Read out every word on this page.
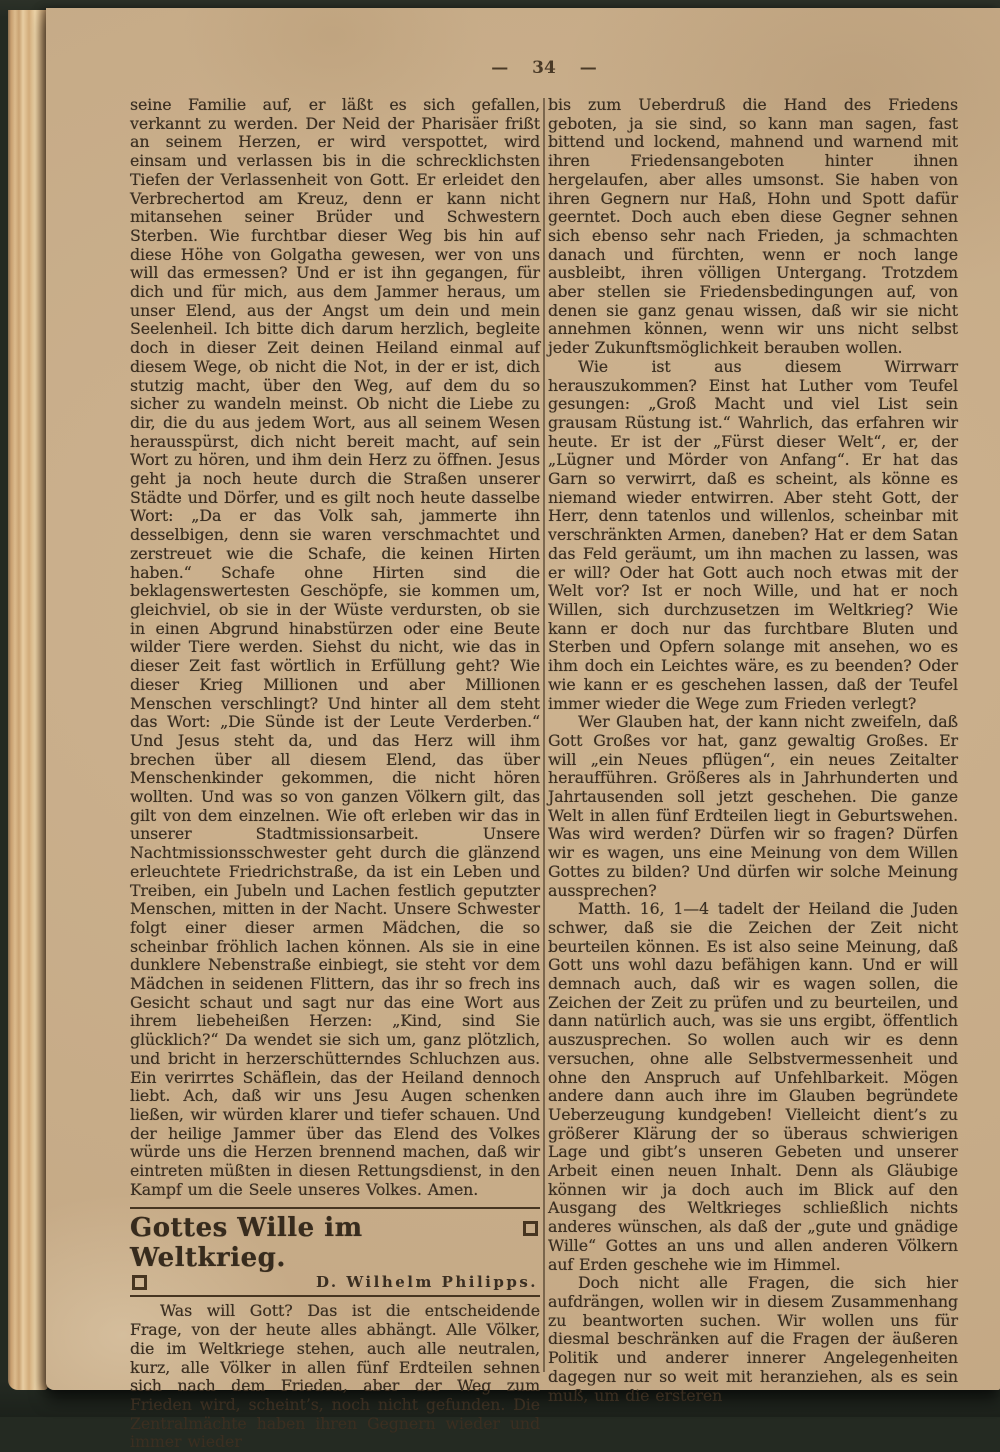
— 34 —

seine Familie auf, er läßt es sich gefallen, verkannt zu werden. Der Neid der Pharisäer frißt an seinem Herzen, er wird verspottet, wird einsam und verlassen bis in die schrecklichsten Tiefen der Verlassenheit von Gott. Er erleidet den Verbrechertod am Kreuz, denn er kann nicht mitansehen seiner Brüder und Schwestern Sterben. Wie furchtbar dieser Weg bis hin auf diese Höhe von Golgatha gewesen, wer von uns will das ermessen? Und er ist ihn gegangen, für dich und für mich, aus dem Jammer heraus, um unser Elend, aus der Angst um dein und mein Seelenheil. Ich bitte dich darum herzlich, begleite doch in dieser Zeit deinen Heiland einmal auf diesem Wege, ob nicht die Not, in der er ist, dich stutzig macht, über den Weg, auf dem du so sicher zu wandeln meinst. Ob nicht die Liebe zu dir, die du aus jedem Wort, aus all seinem Wesen herausspürst, dich nicht bereit macht, auf sein Wort zu hören, und ihm dein Herz zu öffnen. Jesus geht ja noch heute durch die Straßen unserer Städte und Dörfer, und es gilt noch heute dasselbe Wort: „Da er das Volk sah, jammerte ihn desselbigen, denn sie waren verschmachtet und zerstreuet wie die Schafe, die keinen Hirten haben.“ Schafe ohne Hirten sind die beklagenswertesten Geschöpfe, sie kommen um, gleichviel, ob sie in der Wüste verdursten, ob sie in einen Abgrund hinabstürzen oder eine Beute wilder Tiere werden. Siehst du nicht, wie das in dieser Zeit fast wörtlich in Erfüllung geht? Wie dieser Krieg Millionen und aber Millionen Menschen verschlingt? Und hinter all dem steht das Wort: „Die Sünde ist der Leute Verderben.“ Und Jesus steht da, und das Herz will ihm brechen über all diesem Elend, das über Menschenkinder gekommen, die nicht hören wollten. Und was so von ganzen Völkern gilt, das gilt von dem einzelnen. Wie oft erleben wir das in unserer Stadtmissionsarbeit. Unsere Nachtmissionsschwester geht durch die glänzend erleuchtete Friedrichstraße, da ist ein Leben und Treiben, ein Jubeln und Lachen festlich geputzter Menschen, mitten in der Nacht. Unsere Schwester folgt einer dieser armen Mädchen, die so scheinbar fröhlich lachen können. Als sie in eine dunklere Nebenstraße einbiegt, sie steht vor dem Mädchen in seidenen Flittern, das ihr so frech ins Gesicht schaut und sagt nur das eine Wort aus ihrem liebeheißen Herzen: „Kind, sind Sie glücklich?“ Da wendet sie sich um, ganz plötzlich, und bricht in herzerschütterndes Schluchzen aus. Ein verirrtes Schäflein, das der Heiland dennoch liebt. Ach, daß wir uns Jesu Augen schenken ließen, wir würden klarer und tiefer schauen. Und der heilige Jammer über das Elend des Volkes würde uns die Herzen brennend machen, daß wir eintreten müßten in diesen Rettungsdienst, in den Kampf um die Seele unseres Volkes. Amen.

Gottes Wille im Weltkrieg.
D. Wilhelm Philipps.

Was will Gott? Das ist die entscheidende Frage, von der heute alles abhängt. Alle Völker, die im Weltkriege stehen, auch alle neutralen, kurz, alle Völker in allen fünf Erdteilen sehnen sich nach dem Frieden, aber der Weg zum Frieden wird, scheint’s, noch nicht gefunden. Die Zentralmächte haben ihren Gegnern wieder und immer wieder

bis zum Ueberdruß die Hand des Friedens geboten, ja sie sind, so kann man sagen, fast bittend und lockend, mahnend und warnend mit ihren Friedensangeboten hinter ihnen hergelaufen, aber alles umsonst. Sie haben von ihren Gegnern nur Haß, Hohn und Spott dafür geerntet. Doch auch eben diese Gegner sehnen sich ebenso sehr nach Frieden, ja schmachten danach und fürchten, wenn er noch lange ausbleibt, ihren völligen Untergang. Trotzdem aber stellen sie Friedensbedingungen auf, von denen sie ganz genau wissen, daß wir sie nicht annehmen können, wenn wir uns nicht selbst jeder Zukunftsmöglichkeit berauben wollen.

Wie ist aus diesem Wirrwarr herauszukommen? Einst hat Luther vom Teufel gesungen: „Groß Macht und viel List sein grausam Rüstung ist.“ Wahrlich, das erfahren wir heute. Er ist der „Fürst dieser Welt“, er, der „Lügner und Mörder von Anfang“. Er hat das Garn so verwirrt, daß es scheint, als könne es niemand wieder entwirren. Aber steht Gott, der Herr, denn tatenlos und willenlos, scheinbar mit verschränkten Armen, daneben? Hat er dem Satan das Feld geräumt, um ihn machen zu lassen, was er will? Oder hat Gott auch noch etwas mit der Welt vor? Ist er noch Wille, und hat er noch Willen, sich durchzusetzen im Weltkrieg? Wie kann er doch nur das furchtbare Bluten und Sterben und Opfern solange mit ansehen, wo es ihm doch ein Leichtes wäre, es zu beenden? Oder wie kann er es geschehen lassen, daß der Teufel immer wieder die Wege zum Frieden verlegt?

Wer Glauben hat, der kann nicht zweifeln, daß Gott Großes vor hat, ganz gewaltig Großes. Er will „ein Neues pflügen“, ein neues Zeitalter heraufführen. Größeres als in Jahrhunderten und Jahrtausenden soll jetzt geschehen. Die ganze Welt in allen fünf Erdteilen liegt in Geburtswehen. Was wird werden? Dürfen wir so fragen? Dürfen wir es wagen, uns eine Meinung von dem Willen Gottes zu bilden? Und dürfen wir solche Meinung aussprechen?

Matth. 16, 1—4 tadelt der Heiland die Juden schwer, daß sie die Zeichen der Zeit nicht beurteilen können. Es ist also seine Meinung, daß Gott uns wohl dazu befähigen kann. Und er will demnach auch, daß wir es wagen sollen, die Zeichen der Zeit zu prüfen und zu beurteilen, und dann natürlich auch, was sie uns ergibt, öffentlich auszusprechen. So wollen auch wir es denn versuchen, ohne alle Selbstvermessenheit und ohne den Anspruch auf Unfehlbarkeit. Mögen andere dann auch ihre im Glauben begründete Ueberzeugung kundgeben! Vielleicht dient’s zu größerer Klärung der so überaus schwierigen Lage und gibt’s unseren Gebeten und unserer Arbeit einen neuen Inhalt. Denn als Gläubige können wir ja doch auch im Blick auf den Ausgang des Weltkrieges schließlich nichts anderes wünschen, als daß der „gute und gnädige Wille“ Gottes an uns und allen anderen Völkern auf Erden geschehe wie im Himmel.

Doch nicht alle Fragen, die sich hier aufdrängen, wollen wir in diesem Zusammenhang zu beantworten suchen. Wir wollen uns für diesmal beschränken auf die Fragen der äußeren Politik und anderer innerer Angelegenheiten dagegen nur so weit mit heranziehen, als es sein muß, um die ersteren
